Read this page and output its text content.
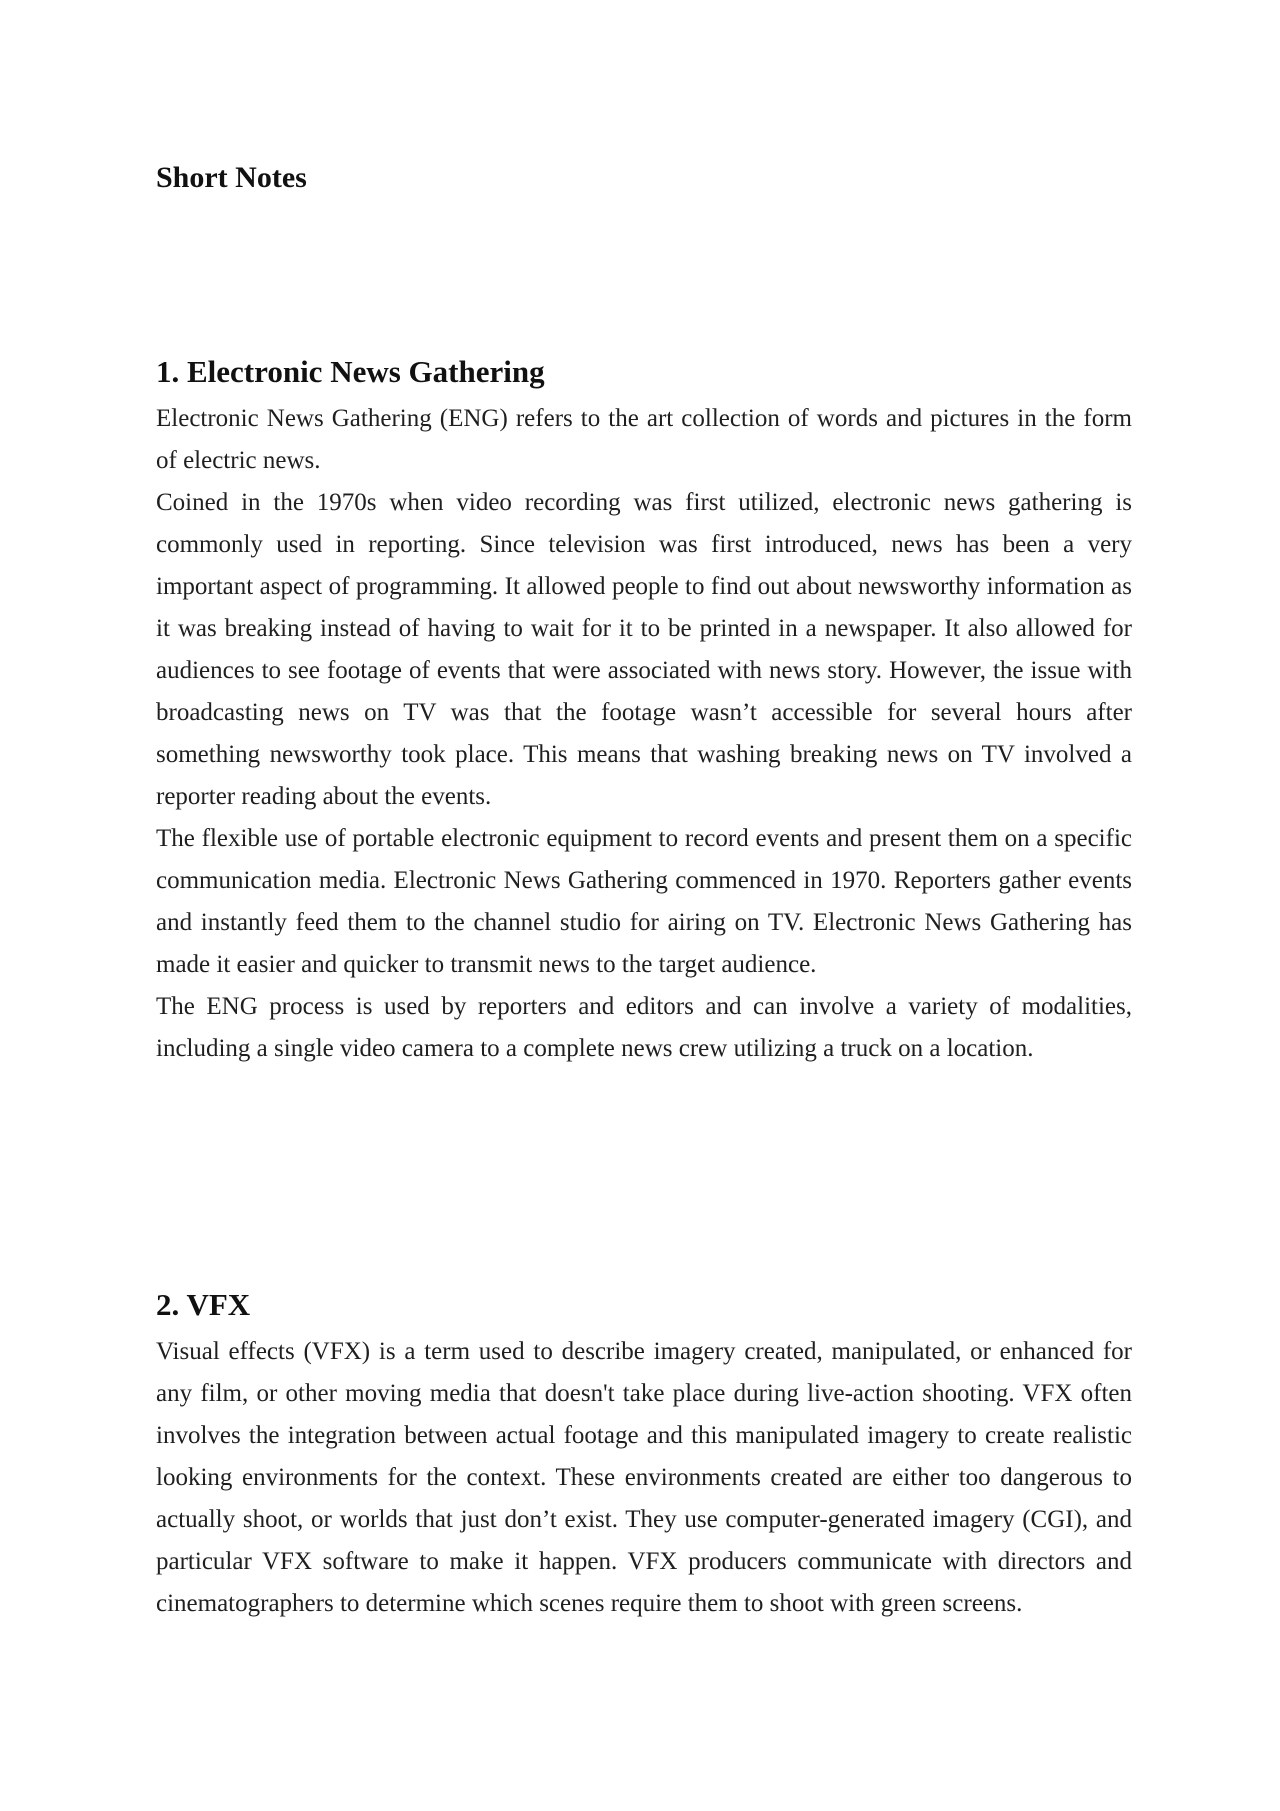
Short Notes
1. Electronic News Gathering

Electronic News Gathering (ENG) refers to the art collection of words and pictures in the form of electric news.

Coined in the 1970s when video recording was first utilized, electronic news gathering is commonly used in reporting. Since television was first introduced, news has been a very important aspect of programming. It allowed people to find out about newsworthy information as it was breaking instead of having to wait for it to be printed in a newspaper. It also allowed for audiences to see footage of events that were associated with news story. However, the issue with broadcasting news on TV was that the footage wasn’t accessible for several hours after something newsworthy took place. This means that washing breaking news on TV involved a reporter reading about the events.

The flexible use of portable electronic equipment to record events and present them on a specific communication media. Electronic News Gathering commenced in 1970. Reporters gather events and instantly feed them to the channel studio for airing on TV. Electronic News Gathering has made it easier and quicker to transmit news to the target audience.

The ENG process is used by reporters and editors and can involve a variety of modalities, including a single video camera to a complete news crew utilizing a truck on a location.

2. VFX

Visual effects (VFX) is a term used to describe imagery created, manipulated, or enhanced for any film, or other moving media that doesn't take place during live-action shooting. VFX often involves the integration between actual footage and this manipulated imagery to create realistic looking environments for the context. These environments created are either too dangerous to actually shoot, or worlds that just don’t exist. They use computer-generated imagery (CGI), and particular VFX software to make it happen. VFX producers communicate with directors and cinematographers to determine which scenes require them to shoot with green screens.
